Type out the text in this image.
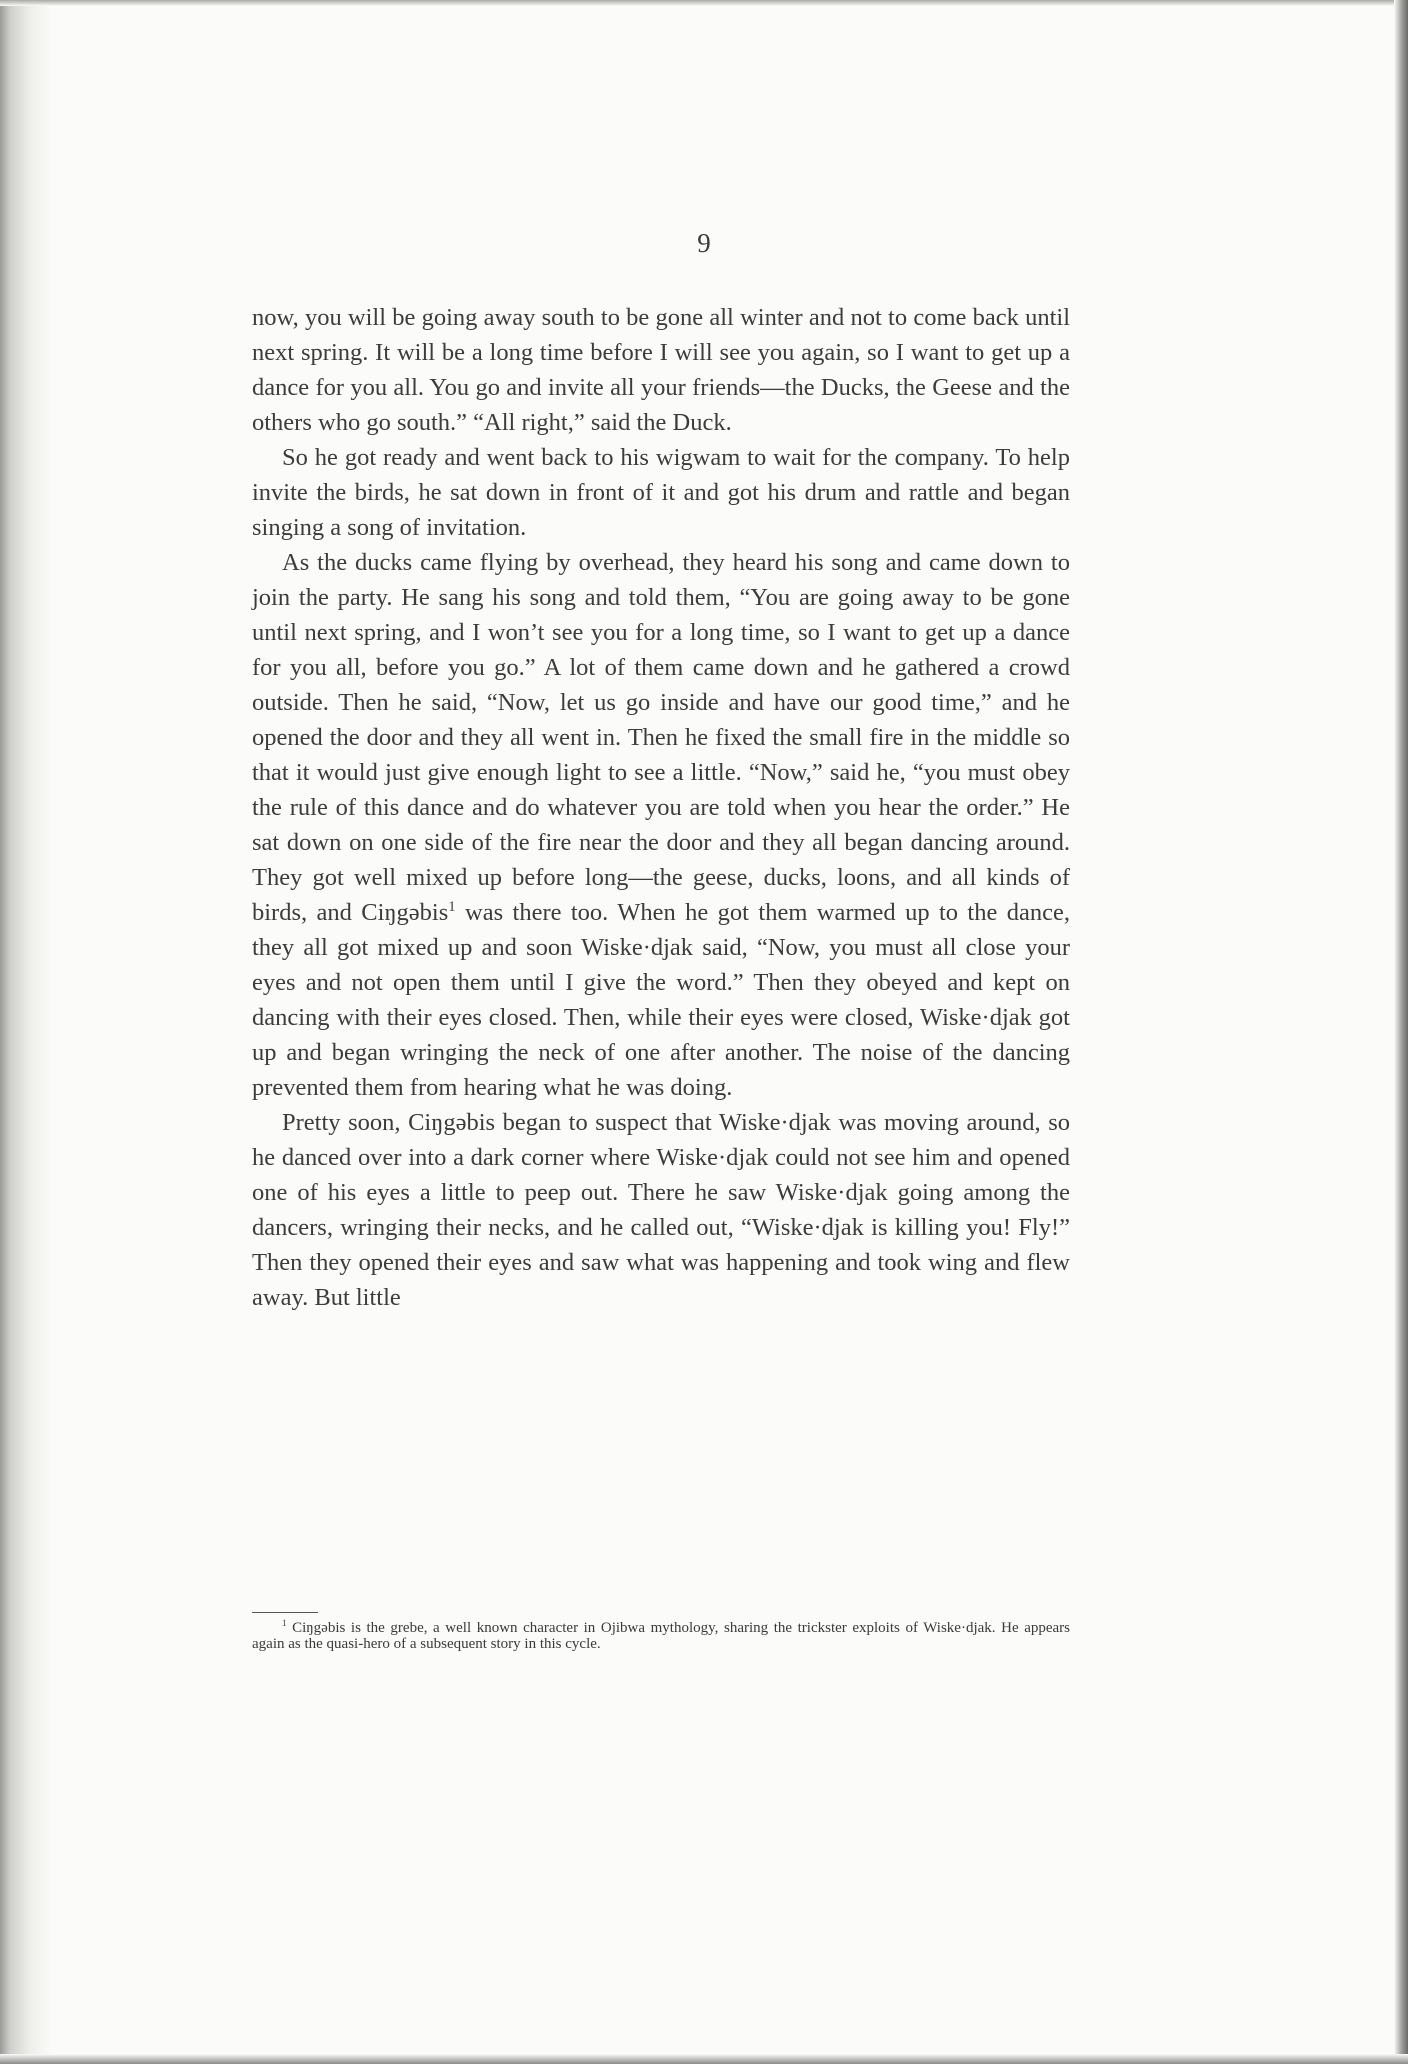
9

now, you will be going away south to be gone all winter and not to come back until next spring. It will be a long time before I will see you again, so I want to get up a dance for you all. You go and invite all your friends—the Ducks, the Geese and the others who go south.” “All right,” said the Duck.

So he got ready and went back to his wigwam to wait for the company. To help invite the birds, he sat down in front of it and got his drum and rattle and began singing a song of invitation.

As the ducks came flying by overhead, they heard his song and came down to join the party. He sang his song and told them, “You are going away to be gone until next spring, and I won’t see you for a long time, so I want to get up a dance for you all, before you go.” A lot of them came down and he gathered a crowd outside. Then he said, “Now, let us go inside and have our good time,” and he opened the door and they all went in. Then he fixed the small fire in the middle so that it would just give enough light to see a little. “Now,” said he, “you must obey the rule of this dance and do whatever you are told when you hear the order.” He sat down on one side of the fire near the door and they all began dancing around. They got well mixed up before long—the geese, ducks, loons, and all kinds of birds, and Ciŋgəbis$^1$ was there too. When he got them warmed up to the dance, they all got mixed up and soon Wiske·djak said, “Now, you must all close your eyes and not open them until I give the word.” Then they obeyed and kept on dancing with their eyes closed. Then, while their eyes were closed, Wiske·djak got up and began wringing the neck of one after another. The noise of the dancing prevented them from hearing what he was doing.

Pretty soon, Ciŋgəbis began to suspect that Wiske·djak was moving around, so he danced over into a dark corner where Wiske·djak could not see him and opened one of his eyes a little to peep out. There he saw Wiske·djak going among the dancers, wringing their necks, and he called out, “Wiske·djak is killing you! Fly!” Then they opened their eyes and saw what was happening and took wing and flew away. But little

$^1$ Ciŋgəbis is the grebe, a well known character in Ojibwa mythology, sharing the trickster exploits of Wiske·djak. He appears again as the quasi-hero of a subsequent story in this cycle.
